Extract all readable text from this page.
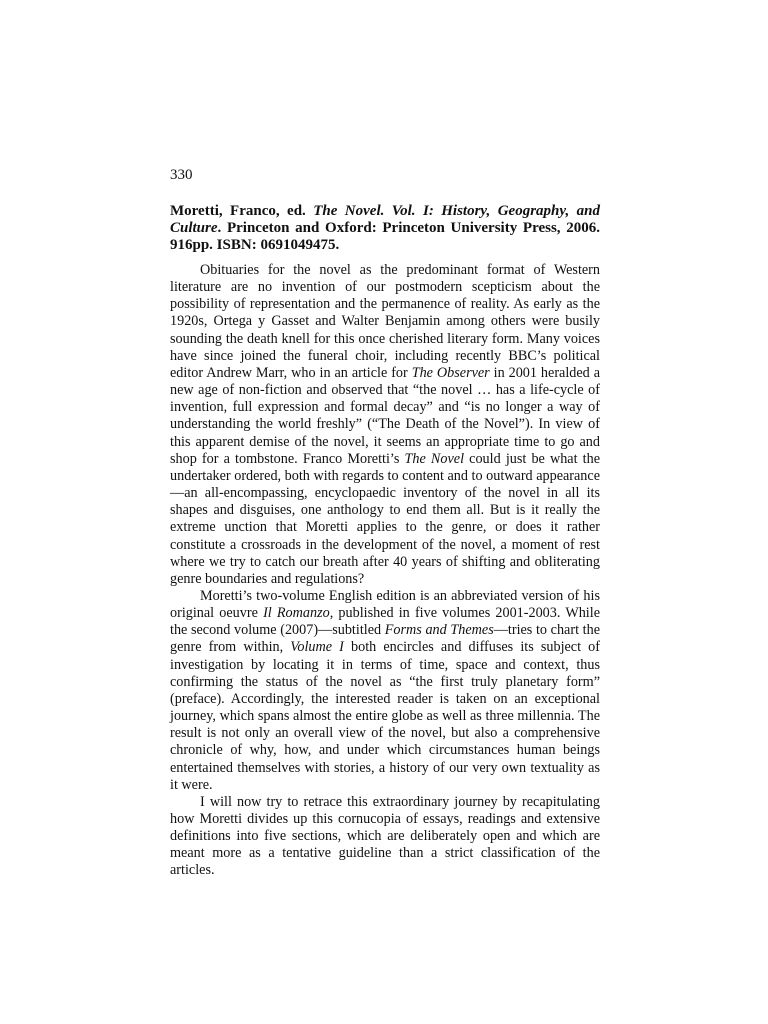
330
Moretti, Franco, ed. The Novel. Vol. I: History, Geography, and Culture. Princeton and Oxford: Princeton University Press, 2006. 916pp. ISBN: 0691049475.

Obituaries for the novel as the predominant format of Western literature are no invention of our postmodern scepticism about the possibility of representation and the permanence of reality. As early as the 1920s, Ortega y Gasset and Walter Benjamin among others were busily sounding the death knell for this once cherished literary form. Many voices have since joined the funeral choir, including recently BBC’s political editor Andrew Marr, who in an article for The Observer in 2001 heralded a new age of non-fiction and observed that “the novel … has a life-cycle of invention, full expression and formal decay” and “is no longer a way of understanding the world freshly” (“The Death of the Novel”). In view of this apparent demise of the novel, it seems an appropriate time to go and shop for a tombstone. Franco Moretti’s The Novel could just be what the undertaker ordered, both with regards to content and to outward appearance—an all-encompassing, encyclopaedic inventory of the novel in all its shapes and disguises, one anthology to end them all. But is it really the extreme unction that Moretti applies to the genre, or does it rather constitute a crossroads in the development of the novel, a moment of rest where we try to catch our breath after 40 years of shifting and obliterating genre boundaries and regulations?

Moretti’s two-volume English edition is an abbreviated version of his original oeuvre Il Romanzo, published in five volumes 2001-2003. While the second volume (2007)—subtitled Forms and Themes—tries to chart the genre from within, Volume I both encircles and diffuses its subject of investigation by locating it in terms of time, space and context, thus confirming the status of the novel as “the first truly planetary form” (preface). Accordingly, the interested reader is taken on an exceptional journey, which spans almost the entire globe as well as three millennia. The result is not only an overall view of the novel, but also a comprehensive chronicle of why, how, and under which circumstances human beings entertained themselves with stories, a history of our very own textuality as it were.

I will now try to retrace this extraordinary journey by recapitulating how Moretti divides up this cornucopia of essays, readings and extensive definitions into five sections, which are deliberately open and which are meant more as a tentative guideline than a strict classification of the articles.
